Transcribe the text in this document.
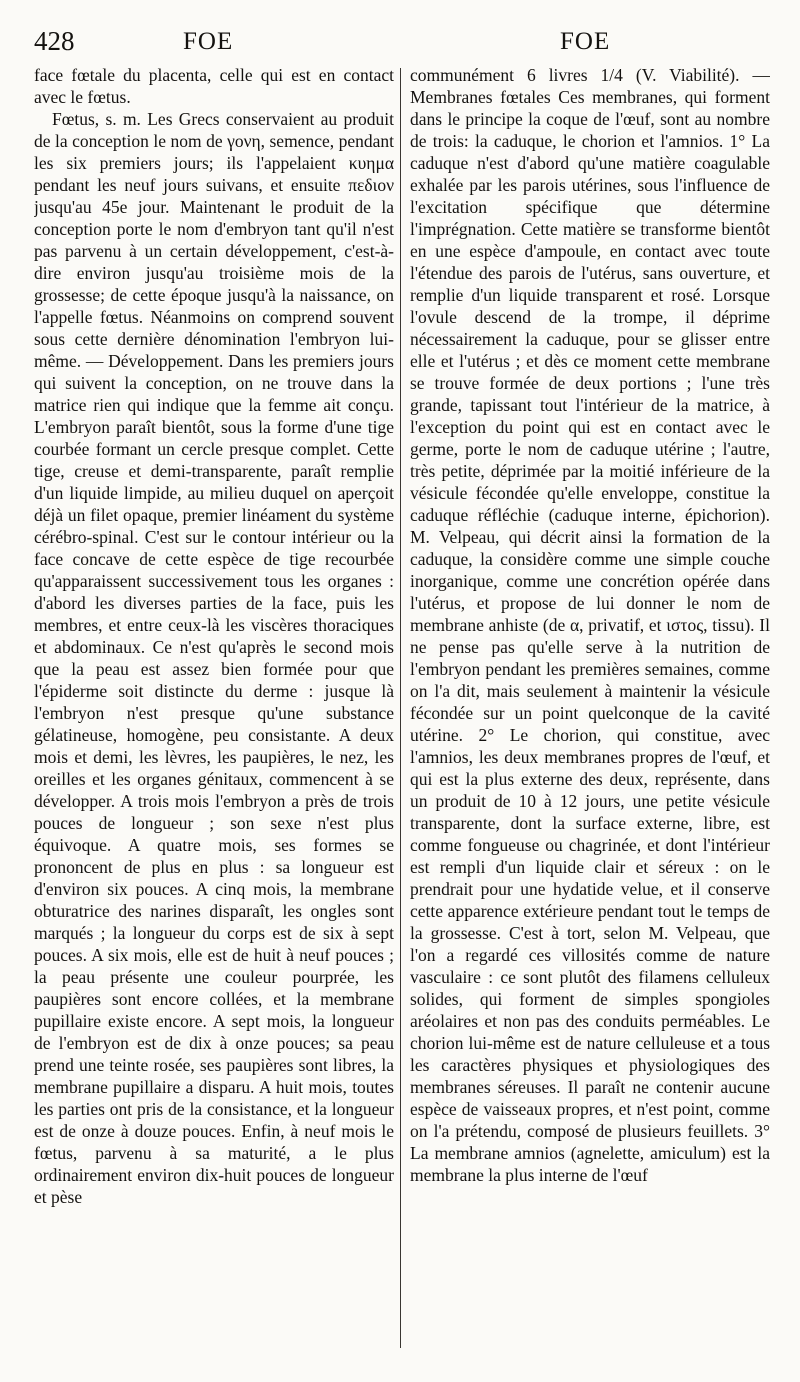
428	FOE	FOE

face fœtale du placenta, celle qui est en contact avec le fœtus.

Fœtus, s. m. Les Grecs conservaient au produit de la conception le nom de γονη, semence, pendant les six premiers jours; ils l'appelaient κυημα pendant les neuf jours suivans, et ensuite πεδιον jusqu'au 45e jour. Maintenant le produit de la conception porte le nom d'embryon tant qu'il n'est pas parvenu à un certain développement, c'est-à-dire environ jusqu'au troisième mois de la grossesse; de cette époque jusqu'à la naissance, on l'appelle fœtus. Néanmoins on comprend souvent sous cette dernière dénomination l'embryon lui-même. — Développement. Dans les premiers jours qui suivent la conception, on ne trouve dans la matrice rien qui indique que la femme ait conçu. L'embryon paraît bientôt, sous la forme d'une tige courbée formant un cercle presque complet. Cette tige, creuse et demi-transparente, paraît remplie d'un liquide limpide, au milieu duquel on aperçoit déjà un filet opaque, premier linéament du système cérébro-spinal. C'est sur le contour intérieur ou la face concave de cette espèce de tige recourbée qu'apparaissent successivement tous les organes : d'abord les diverses parties de la face, puis les membres, et entre ceux-là les viscères thoraciques et abdominaux. Ce n'est qu'après le second mois que la peau est assez bien formée pour que l'épiderme soit distincte du derme : jusque là l'embryon n'est presque qu'une substance gélatineuse, homogène, peu consistante. A deux mois et demi, les lèvres, les paupières, le nez, les oreilles et les organes génitaux, commencent à se développer. A trois mois l'embryon a près de trois pouces de longueur ; son sexe n'est plus équivoque. A quatre mois, ses formes se prononcent de plus en plus : sa longueur est d'environ six pouces. A cinq mois, la membrane obturatrice des narines disparaît, les ongles sont marqués ; la longueur du corps est de six à sept pouces. A six mois, elle est de huit à neuf pouces ; la peau présente une couleur pourprée, les paupières sont encore collées, et la membrane pupillaire existe encore. A sept mois, la longueur de l'embryon est de dix à onze pouces; sa peau prend une teinte rosée, ses paupières sont libres, la membrane pupillaire a disparu. A huit mois, toutes les parties ont pris de la consistance, et la longueur est de onze à douze pouces. Enfin, à neuf mois le fœtus, parvenu à sa maturité, a le plus ordinairement environ dix-huit pouces de longueur et pèse

communément 6 livres 1/4 (V. Viabilité). —Membranes fœtales Ces membranes, qui forment dans le principe la coque de l'œuf, sont au nombre de trois: la caduque, le chorion et l'amnios. 1° La caduque n'est d'abord qu'une matière coagulable exhalée par les parois utérines, sous l'influence de l'excitation spécifique que détermine l'imprégnation. Cette matière se transforme bientôt en une espèce d'ampoule, en contact avec toute l'étendue des parois de l'utérus, sans ouverture, et remplie d'un liquide transparent et rosé. Lorsque l'ovule descend de la trompe, il déprime nécessairement la caduque, pour se glisser entre elle et l'utérus ; et dès ce moment cette membrane se trouve formée de deux portions ; l'une très grande, tapissant tout l'intérieur de la matrice, à l'exception du point qui est en contact avec le germe, porte le nom de caduque utérine ; l'autre, très petite, déprimée par la moitié inférieure de la vésicule fécondée qu'elle enveloppe, constitue la caduque réfléchie (caduque interne, épichorion). M. Velpeau, qui décrit ainsi la formation de la caduque, la considère comme une simple couche inorganique, comme une concrétion opérée dans l'utérus, et propose de lui donner le nom de membrane anhiste (de α, privatif, et ιστος, tissu). Il ne pense pas qu'elle serve à la nutrition de l'embryon pendant les premières semaines, comme on l'a dit, mais seulement à maintenir la vésicule fécondée sur un point quelconque de la cavité utérine. 2° Le chorion, qui constitue, avec l'amnios, les deux membranes propres de l'œuf, et qui est la plus externe des deux, représente, dans un produit de 10 à 12 jours, une petite vésicule transparente, dont la surface externe, libre, est comme fongueuse ou chagrinée, et dont l'intérieur est rempli d'un liquide clair et séreux : on le prendrait pour une hydatide velue, et il conserve cette apparence extérieure pendant tout le temps de la grossesse. C'est à tort, selon M. Velpeau, que l'on a regardé ces villosités comme de nature vasculaire : ce sont plutôt des filamens celluleux solides, qui forment de simples spongioles aréolaires et non pas des conduits perméables. Le chorion lui-même est de nature celluleuse et a tous les caractères physiques et physiologiques des membranes séreuses. Il paraît ne contenir aucune espèce de vaisseaux propres, et n'est point, comme on l'a prétendu, composé de plusieurs feuillets. 3° La membrane amnios (agnelette, amiculum) est la membrane la plus interne de l'œuf
